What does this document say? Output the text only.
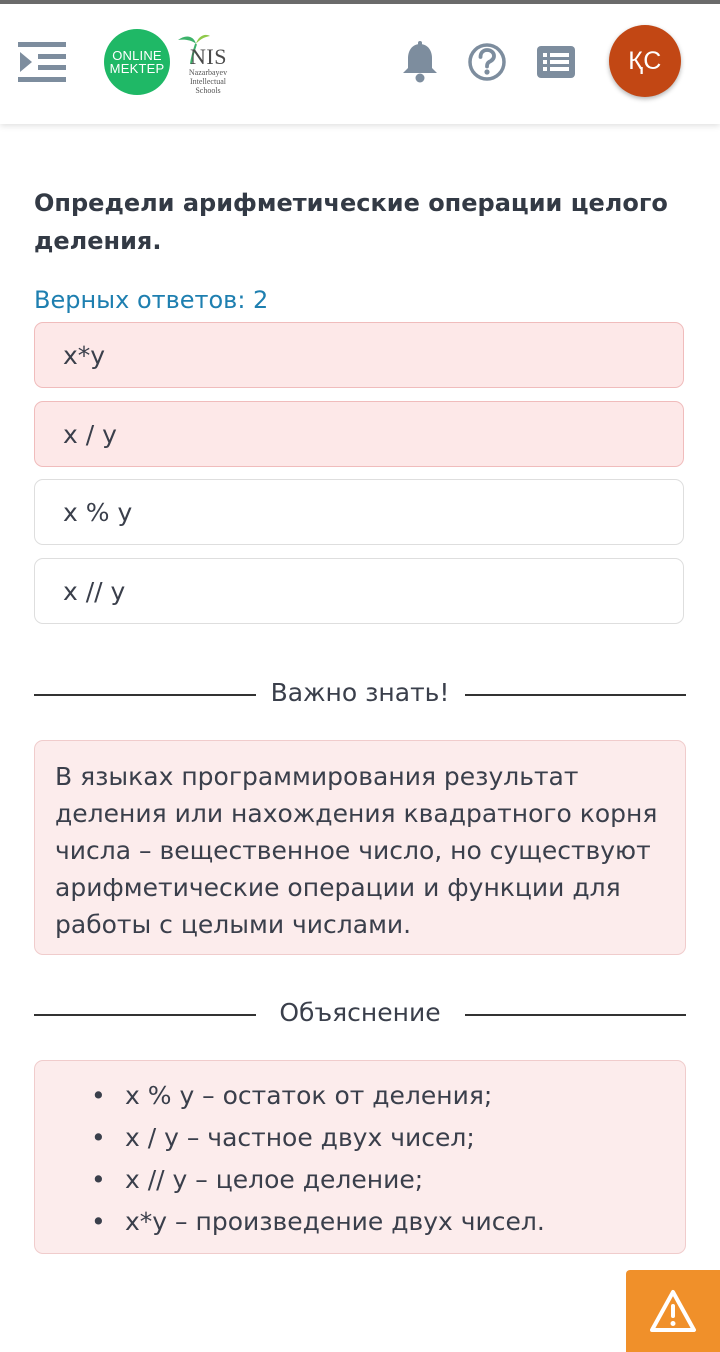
ONLINE
MEKTEP NIS
Nazarbayev
Intellectual
Schools
ҚС
Определи арифметические операции целого деления.
Верных ответов: 2
x*y
x / y
x % y
x // y
Важно знать!
В языках программирования результат деления или нахождения квадратного корня числа – вещественное число, но существуют арифметические операции и функции для работы с целыми числами.
Объяснение
• x % y – остаток от деления;
• x / y – частное двух чисел;
• x // y – целое деление;
• x*y – произведение двух чисел.
